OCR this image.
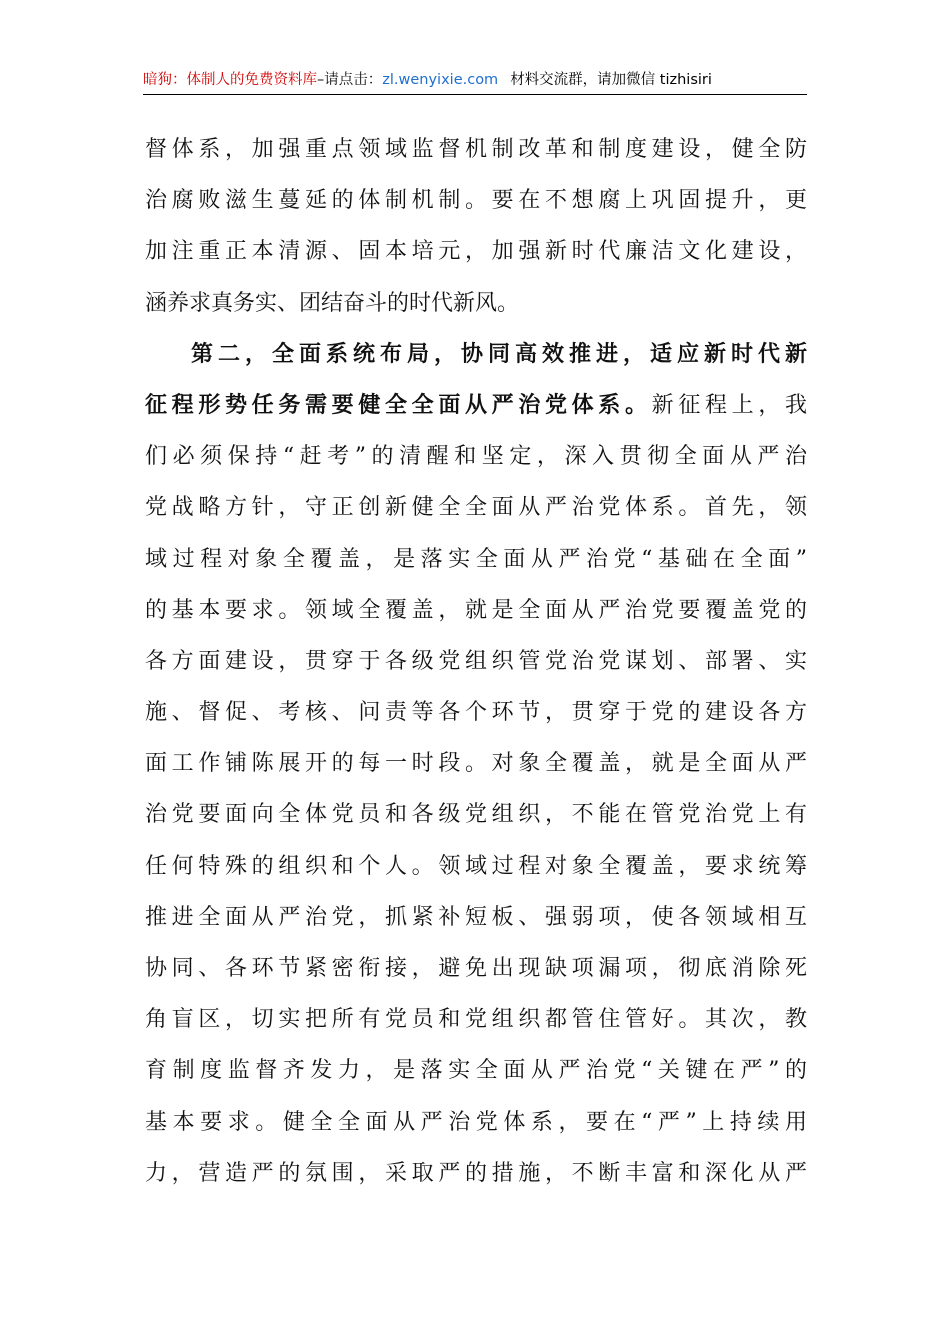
暗狗：体制人的免费资料库–请点击：zl.wenyixie.com 材料交流群，请加微信 tizhisiri
督体系，加强重点领域监督机制改革和制度建设，健全防
治腐败滋生蔓延的体制机制。要在不想腐上巩固提升，更
加注重正本清源、固本培元，加强新时代廉洁文化建设，
涵养求真务实、团结奋斗的时代新风。
第二，全面系统布局，协同高效推进，适应新时代新
征程形势任务需要健全全面从严治党体系。新征程上，我
们必须保持“赶考”的清醒和坚定，深入贯彻全面从严治
党战略方针，守正创新健全全面从严治党体系。首先，领
域过程对象全覆盖，是落实全面从严治党“基础在全面”
的基本要求。领域全覆盖，就是全面从严治党要覆盖党的
各方面建设，贯穿于各级党组织管党治党谋划、部署、实
施、督促、考核、问责等各个环节，贯穿于党的建设各方
面工作铺陈展开的每一时段。对象全覆盖，就是全面从严
治党要面向全体党员和各级党组织，不能在管党治党上有
任何特殊的组织和个人。领域过程对象全覆盖，要求统筹
推进全面从严治党，抓紧补短板、强弱项，使各领域相互
协同、各环节紧密衔接，避免出现缺项漏项，彻底消除死
角盲区，切实把所有党员和党组织都管住管好。其次，教
育制度监督齐发力，是落实全面从严治党“关键在严”的
基本要求。健全全面从严治党体系，要在“严”上持续用
力，营造严的氛围，采取严的措施，不断丰富和深化从严
